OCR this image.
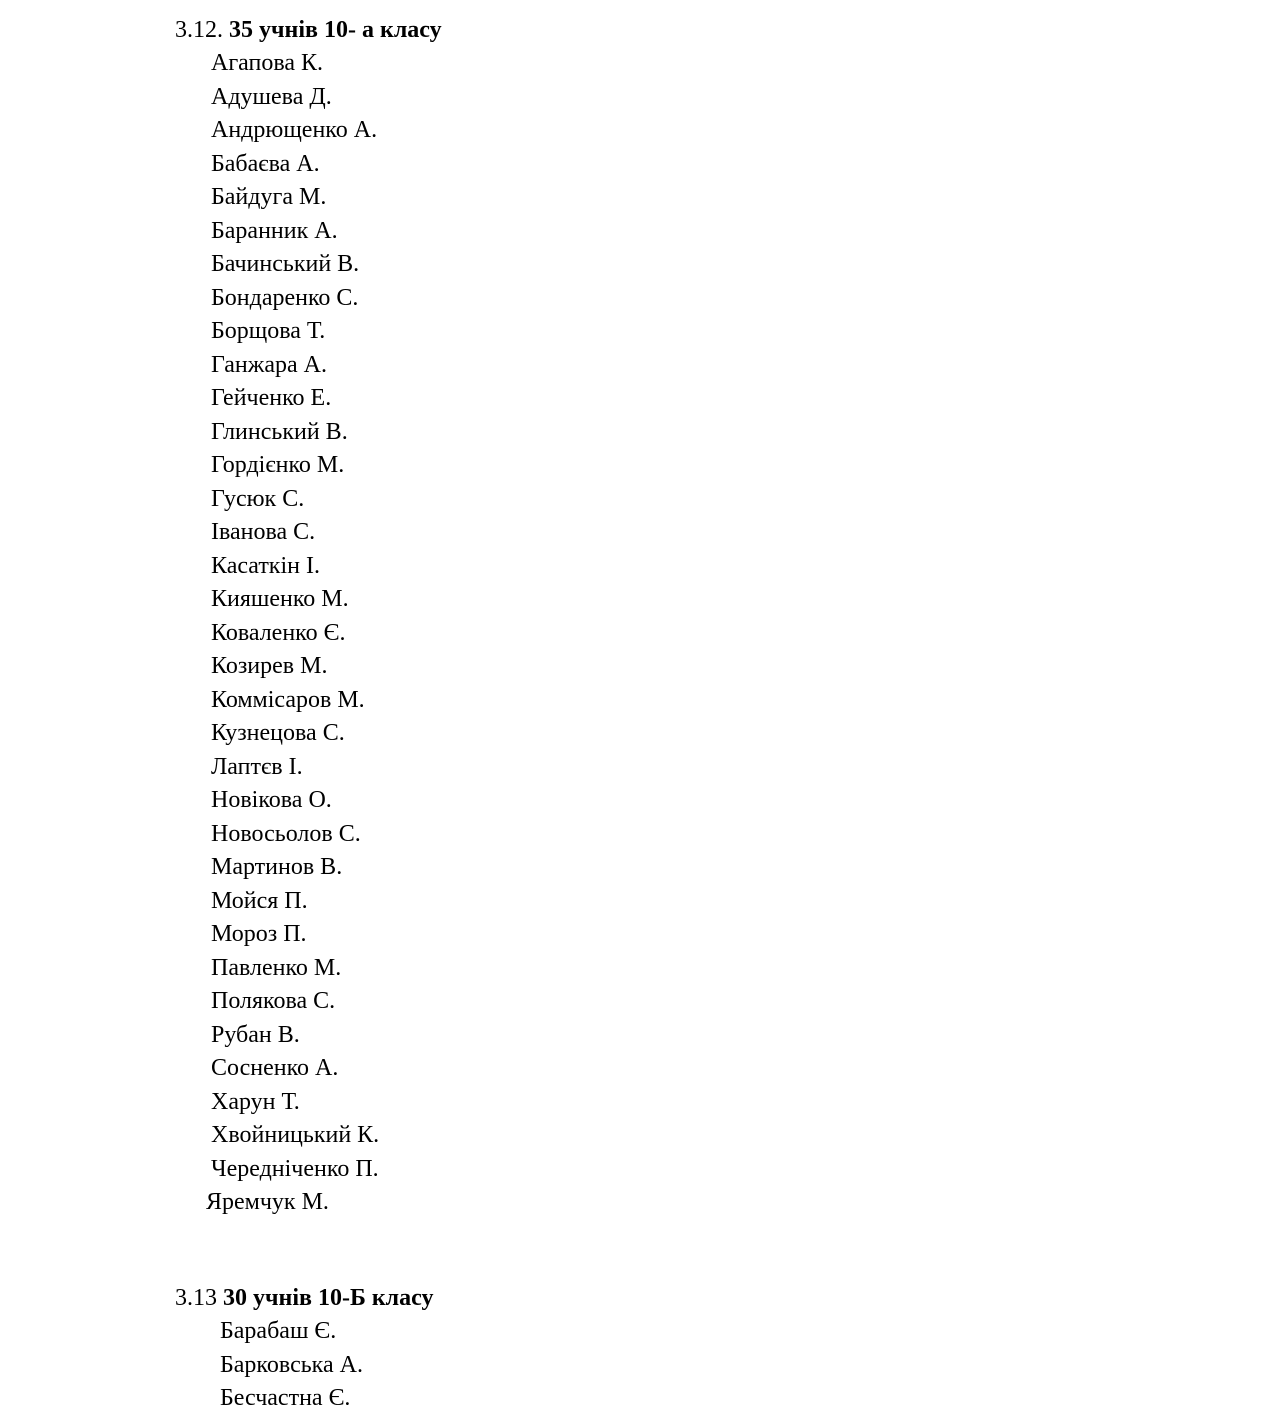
3.12. 35 учнів 10- а класу
Агапова К.
Адушева Д.
Андрющенко А.
Бабаєва А.
Байдуга М.
Баранник А.
Бачинський В.
Бондаренко С.
Борщова Т.
Ганжара А.
Гейченко Е.
Глинський В.
Гордієнко М.
Гусюк С.
Іванова С.
Касаткін І.
Кияшенко М.
Коваленко Є.
Козирев М.
Коммісаров М.
Кузнецова С.
Лаптєв І.
Новікова О.
Новосьолов С.
Мартинов В.
Мойся П.
Мороз П.
Павленко М.
Полякова С.
Рубан В.
Сосненко А.
Харун Т.
Хвойницький К.
Чередніченко П.
Яремчук М.
3.13 30 учнів 10-Б класу
Барабаш Є.
Барковська А.
Бесчастна Є.
